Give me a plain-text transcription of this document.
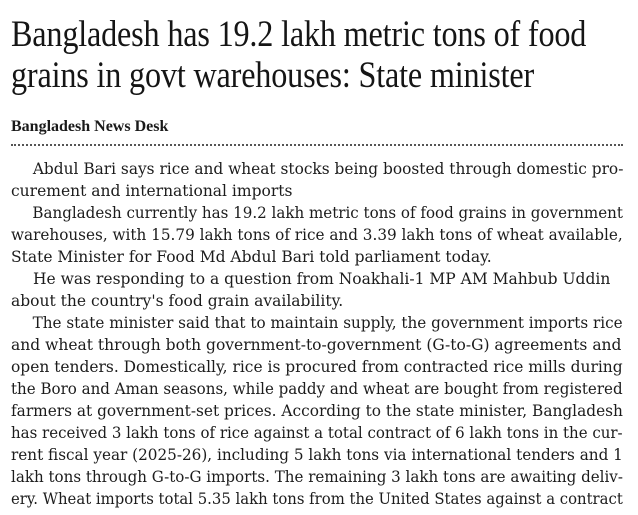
Bangladesh has 19.2 lakh metric tons of food
grains in govt warehouses: State minister
Bangladesh News Desk
Abdul Bari says rice and wheat stocks being boosted through domestic pro-
curement and international imports
Bangladesh currently has 19.2 lakh metric tons of food grains in government
warehouses, with 15.79 lakh tons of rice and 3.39 lakh tons of wheat available,
State Minister for Food Md Abdul Bari told parliament today.
He was responding to a question from Noakhali-1 MP AM Mahbub Uddin
about the country's food grain availability.
The state minister said that to maintain supply, the government imports rice
and wheat through both government-to-government (G-to-G) agreements and
open tenders. Domestically, rice is procured from contracted rice mills during
the Boro and Aman seasons, while paddy and wheat are bought from registered
farmers at government-set prices. According to the state minister, Bangladesh
has received 3 lakh tons of rice against a total contract of 6 lakh tons in the cur-
rent fiscal year (2025-26), including 5 lakh tons via international tenders and 1
lakh tons through G-to-G imports. The remaining 3 lakh tons are awaiting deliv-
ery. Wheat imports total 5.35 lakh tons from the United States against a contract
